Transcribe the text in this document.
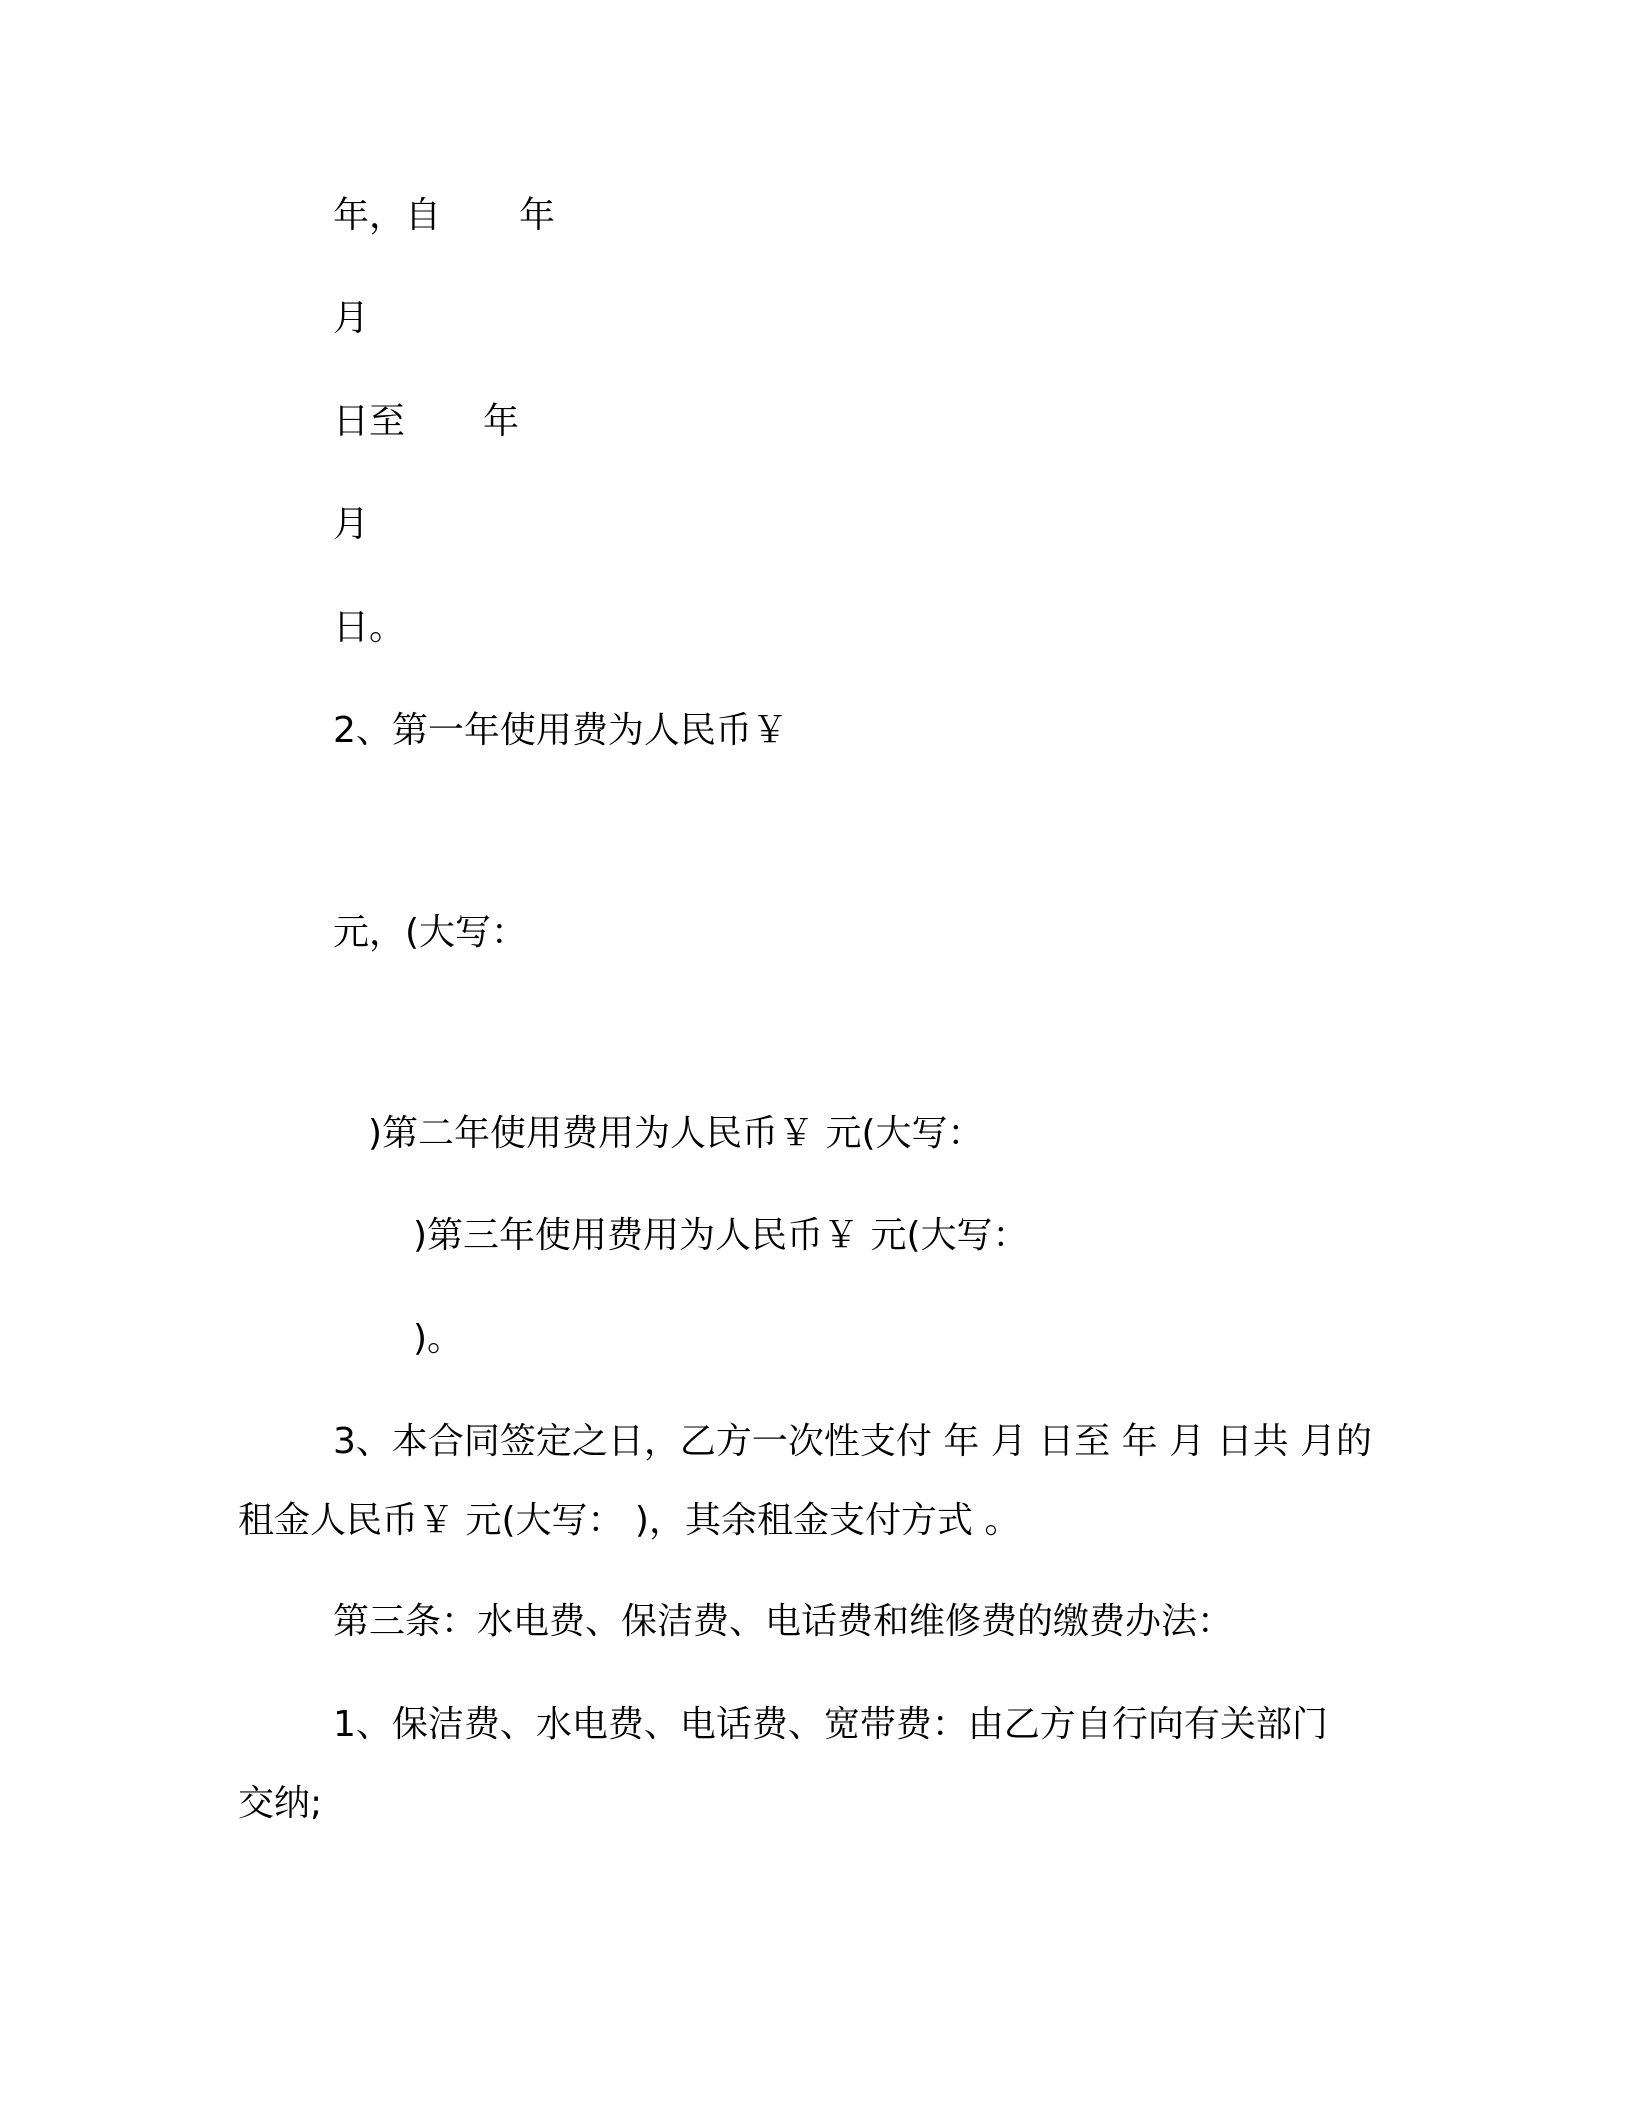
年，自 年

月

日至 年

月

日。

2、第一年使用费为人民币￥

元，(大写：

)第二年使用费用为人民币￥ 元(大写：

)第三年使用费用为人民币￥ 元(大写：

)。

3、本合同签定之日，乙方一次性支付 年 月 日至 年 月 日共 月的

租金人民币￥ 元(大写： )，其余租金支付方式 。

第三条：水电费、保洁费、电话费和维修费的缴费办法：

1、保洁费、水电费、电话费、宽带费：由乙方自行向有关部门

交纳;
